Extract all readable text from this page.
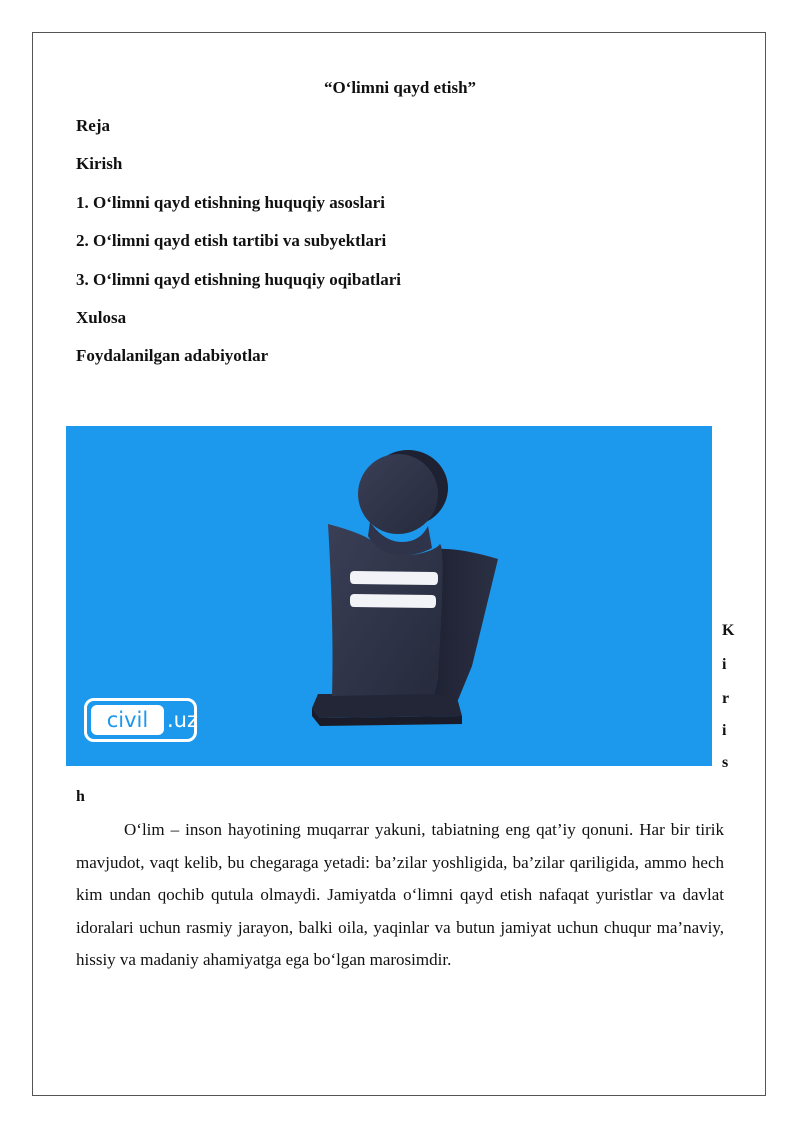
“O‘limni qayd etish”
Reja
Kirish
1. O‘limni qayd etishning huquqiy asoslari
2. O‘limni qayd etish tartibi va subyektlari
3. O‘limni qayd etishning huquqiy oqibatlari
Xulosa
Foydalanilgan adabiyotlar
civil .uz
K
i
r
i
s
h

O‘lim – inson hayotining muqarrar yakuni, tabiatning eng qat’iy qonuni. Har bir tirik mavjudot, vaqt kelib, bu chegaraga yetadi: ba’zilar yoshligida, ba’zilar qariligida, ammo hech kim undan qochib qutula olmaydi. Jamiyatda o‘limni qayd etish nafaqat yuristlar va davlat idoralari uchun rasmiy jarayon, balki oila, yaqinlar va butun jamiyat uchun chuqur ma’naviy, hissiy va madaniy ahamiyatga ega bo‘lgan marosimdir.
